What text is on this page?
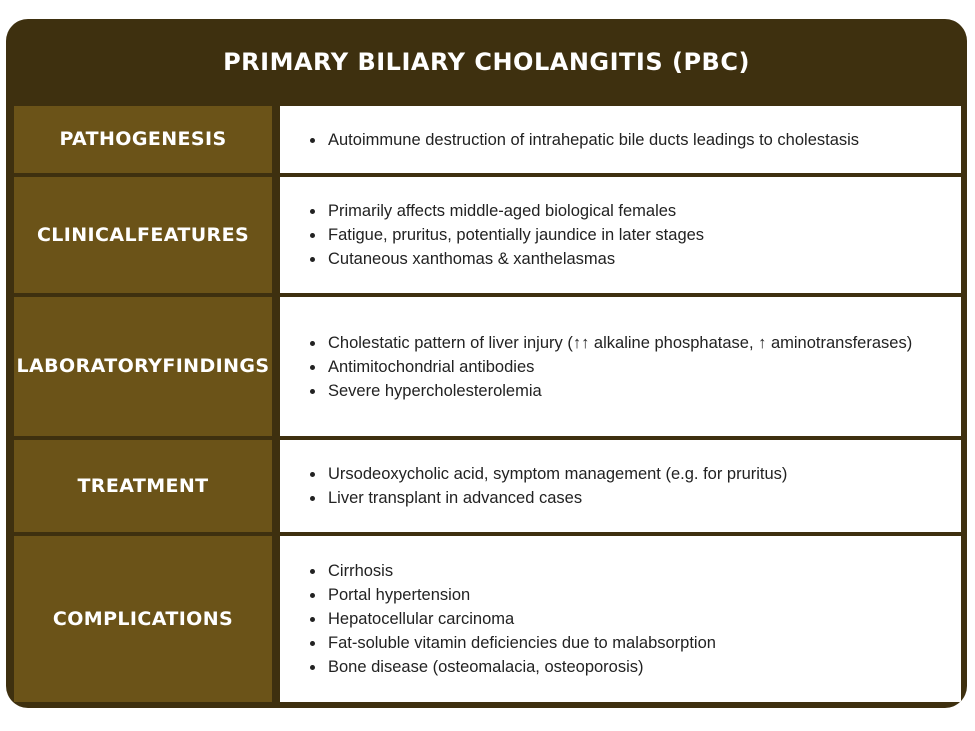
PRIMARY BILIARY CHOLANGITIS (PBC)
PATHOGENESIS
•	Autoimmune destruction of intrahepatic bile ducts leadings to cholestasis
CLINICAL FEATURES
• Primarily affects middle-aged biological females
• Fatigue, pruritus, potentially jaundice in later stages
• Cutaneous xanthomas & xanthelasmas
LABORATORY FINDINGS
• Cholestatic pattern of liver injury (↑↑ alkaline phosphatase, ↑ aminotransferases)
• Antimitochondrial antibodies
• Severe hypercholesterolemia
TREATMENT
• Ursodeoxycholic acid, symptom management (e.g. for pruritus)
• Liver transplant in advanced cases
COMPLICATIONS
• Cirrhosis
• Portal hypertension
• Hepatocellular carcinoma
• Fat-soluble vitamin deficiencies due to malabsorption
• Bone disease (osteomalacia, osteoporosis)
